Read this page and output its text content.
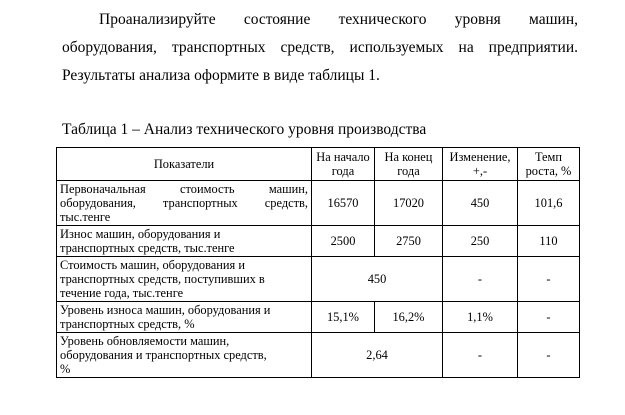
Проанализируйте состояние технического уровня машин,
оборудования, транспортных средств, используемых на предприятии.
Результаты анализа оформите в виде таблицы 1.
Таблица 1 – Анализ технического уровня производства
Показатели	На начало года	На конец года	Изменение, +,-	Темп роста, %

Первоначальная стоимость машин,
оборудования, транспортных средств,
тыс.тенге	16570	17020	450	101,6
Износ машин, оборудования и
транспортных средств, тыс.тенге	2500	2750	250	110
Стоимость машин, оборудования и
транспортных средств, поступивших в
течение года, тыс.тенге	450		-	-
Уровень износа машин, оборудования и
транспортных средств, %	15,1%	16,2%	1,1%	-
Уровень обновляемости машин,
оборудования и транспортных средств,
%	2,64		-	-
